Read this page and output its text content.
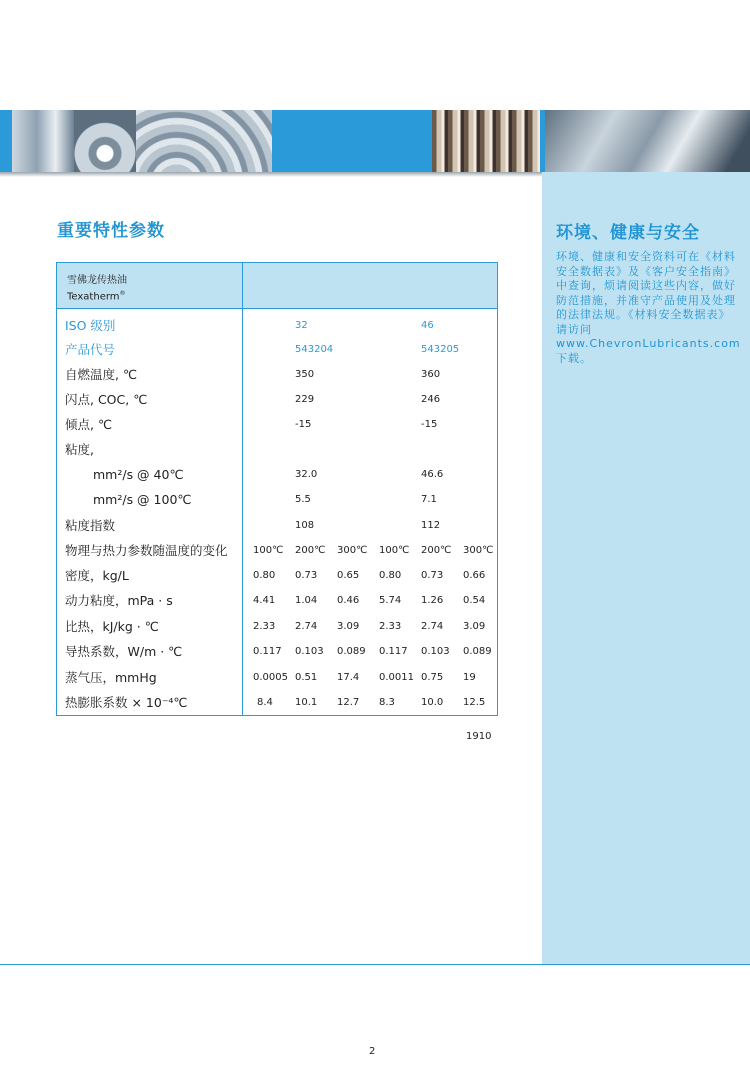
环境、健康与安全
环境、健康和安全资料可在《材料安全数据表》及《客户安全指南》中查询，烦请阅读这些内容，做好防范措施，并准守产品使用及处理的法律法规。《材料安全数据表》请访问 www.ChevronLubricants.com 下载。
重要特性参数
雪佛龙传热油
Texatherm®
ISO 级别	32	46
产品代号	543204	543205
自燃温度, ℃	350	360
闪点, COC, ℃	229	246
倾点, ℃	-15	-15
粘度,
mm²/s @ 40℃	32.0	46.6
mm²/s @ 100℃	5.5	7.1
粘度指数	108	112
物理与热力参数随温度的变化	100℃ 200℃ 300℃ 100℃ 200℃ 300℃
密度，kg/L	0.80 0.73 0.65 0.80 0.73 0.66
动力粘度，mPa · s	4.41 1.04 0.46 5.74 1.26 0.54
比热，kJ/kg · ℃	2.33 2.74 3.09 2.33 2.74 3.09
导热系数，W/m · ℃	0.117 0.103 0.089 0.117 0.103 0.089
蒸气压，mmHg	0.0005 0.51 17.4 0.0011 0.75 19
热膨胀系数 × 10⁻⁴℃	8.4 10.1 12.7 8.3	10.0 12.5
1910
2
